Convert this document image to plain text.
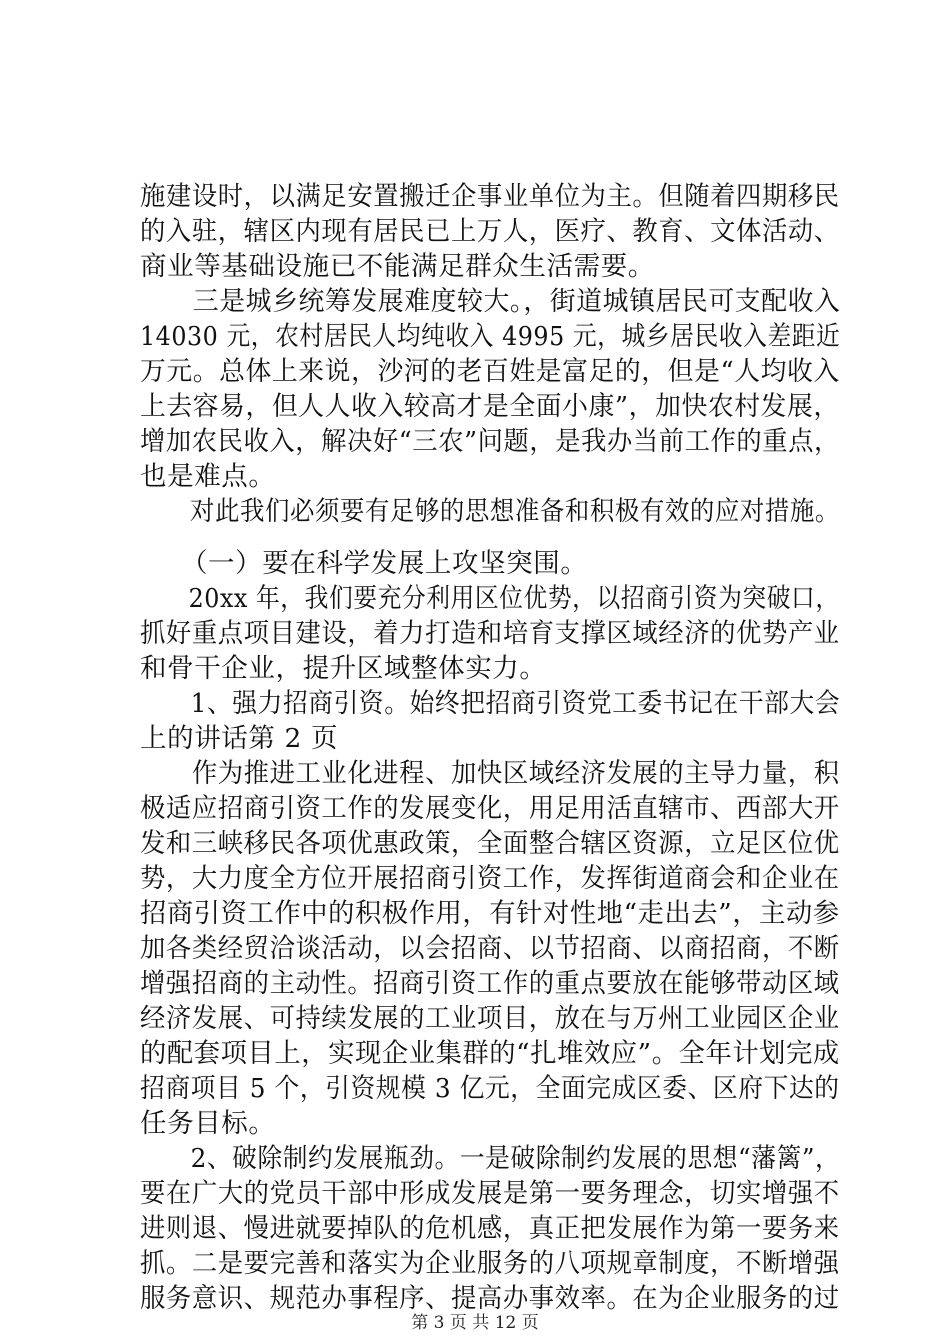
施建设时，以满足安置搬迁企事业单位为主。但随着四期移民
的入驻，辖区内现有居民已上万人，医疗、教育、文体活动、
商业等基础设施已不能满足群众生活需要。
　　三是城乡统筹发展难度较大。，街道城镇居民可支配收入
14030 元，农村居民人均纯收入 4995 元，城乡居民收入差距近
万元。总体上来说，沙河的老百姓是富足的，但是“人均收入
上去容易，但人人收入较高才是全面小康”，加快农村发展，
增加农民收入，解决好“三农”问题，是我办当前工作的重点，
也是难点。
　　对此我们必须要有足够的思想准备和积极有效的应对措施。
　　（一）要在科学发展上攻坚突围。
　　20xx 年，我们要充分利用区位优势，以招商引资为突破口，
抓好重点项目建设，着力打造和培育支撑区域经济的优势产业
和骨干企业，提升区域整体实力。
　　1、强力招商引资。始终把招商引资党工委书记在干部大会
上的讲话第 2 页
　　作为推进工业化进程、加快区域经济发展的主导力量，积
极适应招商引资工作的发展变化，用足用活直辖市、西部大开
发和三峡移民各项优惠政策，全面整合辖区资源，立足区位优
势，大力度全方位开展招商引资工作，发挥街道商会和企业在
招商引资工作中的积极作用，有针对性地“走出去”，主动参
加各类经贸洽谈活动，以会招商、以节招商、以商招商，不断
增强招商的主动性。招商引资工作的重点要放在能够带动区域
经济发展、可持续发展的工业项目，放在与万州工业园区企业
的配套项目上，实现企业集群的“扎堆效应”。全年计划完成
招商项目 5 个，引资规模 3 亿元，全面完成区委、区府下达的
任务目标。
　　2、破除制约发展瓶劲。一是破除制约发展的思想“藩篱”，
要在广大的党员干部中形成发展是第一要务理念，切实增强不
进则退、慢进就要掉队的危机感，真正把发展作为第一要务来
抓。二是要完善和落实为企业服务的八项规章制度，不断增强
服务意识、规范办事程序、提高办事效率。在为企业服务的过
第 3 页 共 12 页
